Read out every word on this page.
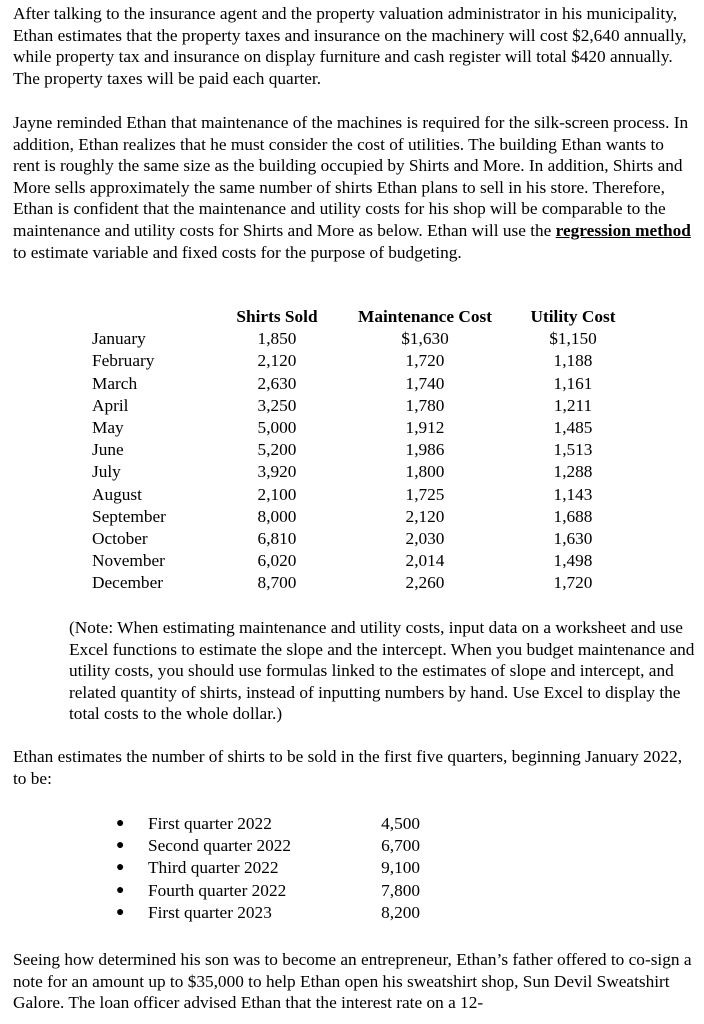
After talking to the insurance agent and the property valuation administrator in his municipality, Ethan estimates that the property taxes and insurance on the machinery will cost $2,640 annually, while property tax and insurance on display furniture and cash register will total $420 annually. The property taxes will be paid each quarter.

Jayne reminded Ethan that maintenance of the machines is required for the silk-screen process. In addition, Ethan realizes that he must consider the cost of utilities. The building Ethan wants to rent is roughly the same size as the building occupied by Shirts and More. In addition, Shirts and More sells approximately the same number of shirts Ethan plans to sell in his store. Therefore, Ethan is confident that the maintenance and utility costs for his shop will be comparable to the maintenance and utility costs for Shirts and More as below. Ethan will use the regression method to estimate variable and fixed costs for the purpose of budgeting.

	Shirts Sold	Maintenance Cost	Utility Cost
January	1,850	$1,630	$1,150
February	2,120	1,720	1,188
March	2,630	1,740	1,161
April	3,250	1,780	1,211
May	5,000	1,912	1,485
June	5,200	1,986	1,513
July	3,920	1,800	1,288
August	2,100	1,725	1,143
September	8,000	2,120	1,688
October	6,810	2,030	1,630
November	6,020	2,014	1,498
December	8,700	2,260	1,720

(Note: When estimating maintenance and utility costs, input data on a worksheet and use Excel functions to estimate the slope and the intercept. When you budget maintenance and utility costs, you should use formulas linked to the estimates of slope and intercept, and related quantity of shirts, instead of inputting numbers by hand. Use Excel to display the total costs to the whole dollar.)

Ethan estimates the number of shirts to be sold in the first five quarters, beginning January 2022, to be:

●	First quarter 2022	4,500
●	Second quarter 2022	6,700
●	Third quarter 2022	9,100
●	Fourth quarter 2022	7,800
●	First quarter 2023	8,200

Seeing how determined his son was to become an entrepreneur, Ethan’s father offered to co-sign a note for an amount up to $35,000 to help Ethan open his sweatshirt shop, Sun Devil Sweatshirt Galore. The loan officer advised Ethan that the interest rate on a 12-
